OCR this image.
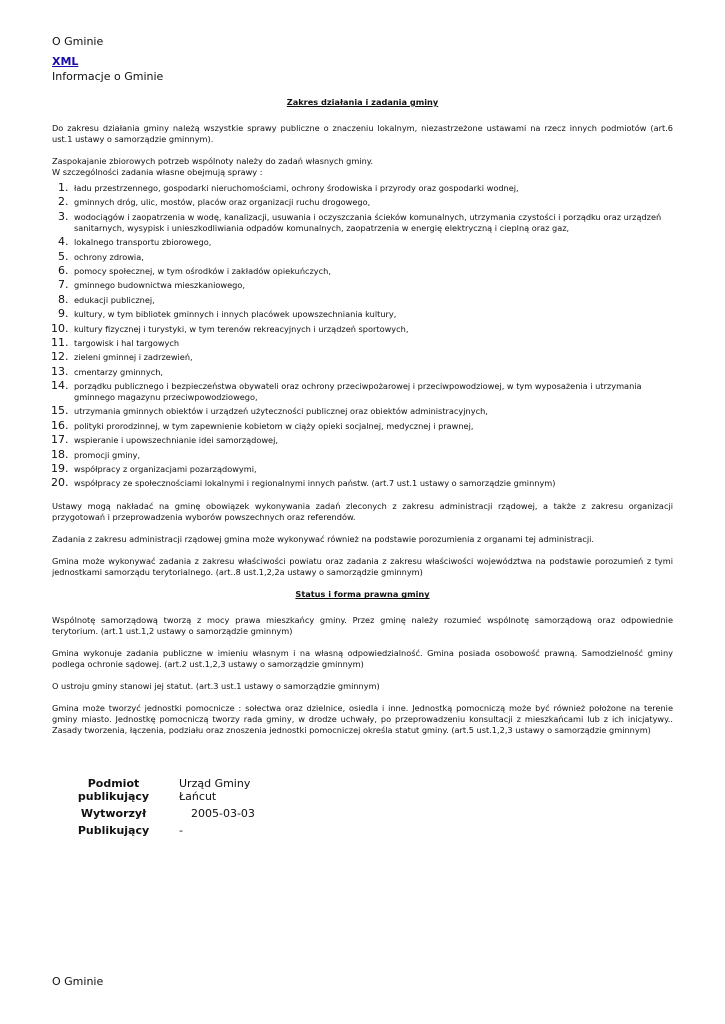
O Gminie
XML
Informacje o Gminie
Zakres działania i zadania gminy

Do zakresu działania gminy należą wszystkie sprawy publiczne o znaczeniu lokalnym, niezastrzeżone ustawami na rzecz innych podmiotów (art.6 ust.1 ustawy o samorządzie gminnym).

Zaspokajanie zbiorowych potrzeb wspólnoty należy do zadań własnych gminy.
W szczególności zadania własne obejmują sprawy :

1. ładu przestrzennego, gospodarki nieruchomościami, ochrony środowiska i przyrody oraz gospodarki wodnej,
2. gminnych dróg, ulic, mostów, placów oraz organizacji ruchu drogowego,
3. wodociągów i zaopatrzenia w wodę, kanalizacji, usuwania i oczyszczania ścieków komunalnych, utrzymania czystości i porządku oraz urządzeń sanitarnych, wysypisk i unieszkodliwiania odpadów komunalnych, zaopatrzenia w energię elektryczną i cieplną oraz gaz,
4. lokalnego transportu zbiorowego,
5. ochrony zdrowia,
6. pomocy społecznej, w tym ośrodków i zakładów opiekuńczych,
7. gminnego budownictwa mieszkaniowego,
8. edukacji publicznej,
9. kultury, w tym bibliotek gminnych i innych placówek upowszechniania kultury,
10. kultury fizycznej i turystyki, w tym terenów rekreacyjnych i urządzeń sportowych,
11. targowisk i hal targowych
12. zieleni gminnej i zadrzewień,
13. cmentarzy gminnych,
14. porządku publicznego i bezpieczeństwa obywateli oraz ochrony przeciwpożarowej i przeciwpowodziowej, w tym wyposażenia i utrzymania gminnego magazynu przeciwpowodziowego,
15. utrzymania gminnych obiektów i urządzeń użyteczności publicznej oraz obiektów administracyjnych,
16. polityki prorodzinnej, w tym zapewnienie kobietom w ciąży opieki socjalnej, medycznej i prawnej,
17. wspieranie i upowszechnianie idei samorządowej,
18. promocji gminy,
19. współpracy z organizacjami pozarządowymi,
20. współpracy ze społecznościami lokalnymi i regionalnymi innych państw. (art.7 ust.1 ustawy o samorządzie gminnym)

Ustawy mogą nakładać na gminę obowiązek wykonywania zadań zleconych z zakresu administracji rządowej, a także z zakresu organizacji przygotowań i przeprowadzenia wyborów powszechnych oraz referendów.

Zadania z zakresu administracji rządowej gmina może wykonywać również na podstawie porozumienia z organami tej administracji.

Gmina może wykonywać zadania z zakresu właściwości powiatu oraz zadania z zakresu właściwości województwa na podstawie porozumień z tymi jednostkami samorządu terytorialnego. (art..8 ust.1,2,2a ustawy o samorządzie gminnym)

Status i forma prawna gminy

Wspólnotę samorządową tworzą z mocy prawa mieszkańcy gminy. Przez gminę należy rozumieć wspólnotę samorządową oraz odpowiednie terytorium. (art.1 ust.1,2 ustawy o samorządzie gminnym)

Gmina wykonuje zadania publiczne w imieniu własnym i na własną odpowiedzialność. Gmina posiada osobowość prawną. Samodzielność gminy podlega ochronie sądowej. (art.2 ust.1,2,3 ustawy o samorządzie gminnym)

O ustroju gminy stanowi jej statut. (art.3 ust.1 ustawy o samorządzie gminnym)

Gmina może tworzyć jednostki pomocnicze : sołectwa oraz dzielnice, osiedla i inne. Jednostką pomocniczą może być również położone na terenie gminy miasto. Jednostkę pomocniczą tworzy rada gminy, w drodze uchwały, po przeprowadzeniu konsultacji z mieszkańcami lub z ich inicjatywy.. Zasady tworzenia, łączenia, podziału oraz znoszenia jednostki pomocniczej określa statut gminy. (art.5 ust.1,2,3 ustawy o samorządzie gminnym)

Podmiot publikujący	Urząd Gminy
Łańcut
Wytworzył	2005-03-03
Publikujący	-
O Gminie
